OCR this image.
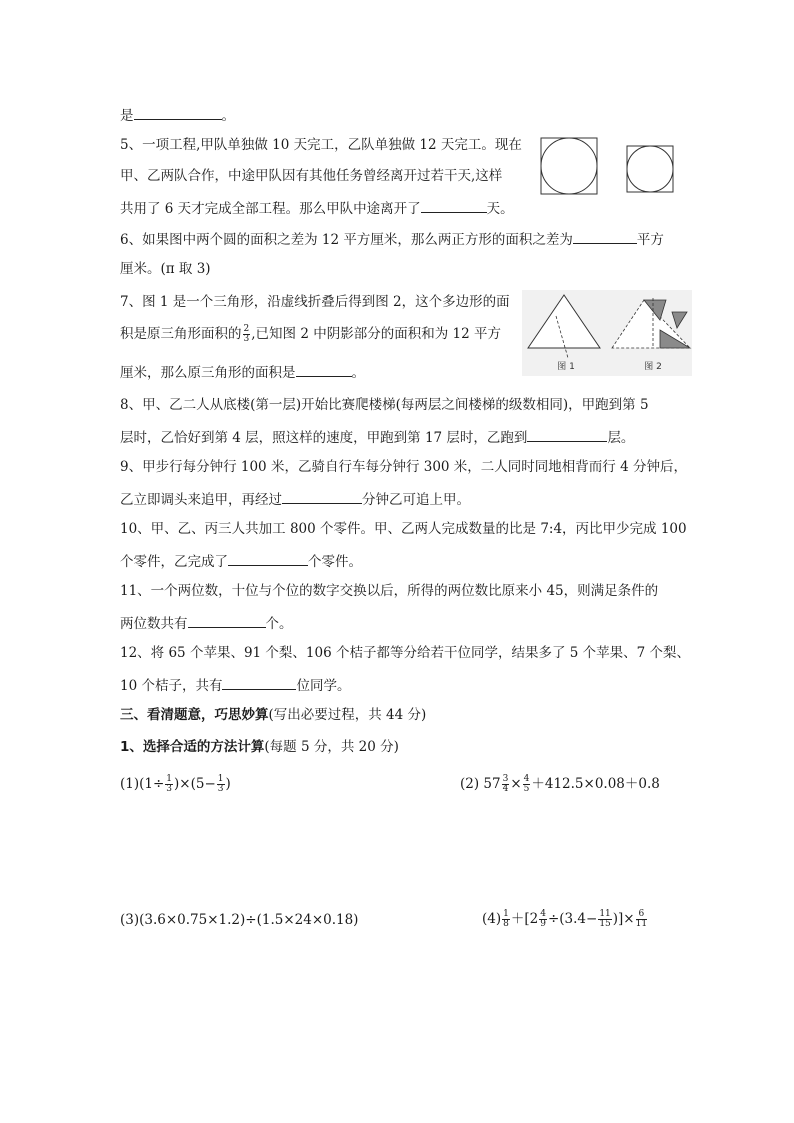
是	。
5、一项工程,甲队单独做 10 天完工，乙队单独做 12 天完工。现在
甲、乙两队合作，中途甲队因有其他任务曾经离开过若干天,这样
共用了 6 天才完成全部工程。那么甲队中途离开了	天。
6、如果图中两个圆的面积之差为 12 平方厘米，那么两正方形的面积之差为	平方
厘米。(π 取 3)
7、图 1 是一个三角形，沿虚线折叠后得到图 2，这个多边形的面
积是原三角形面积的 $\frac{2}{3}$ ,已知图 2 中阴影部分的面积和为 12 平方
厘米，那么原三角形的面积是	。	图 1	图 2
8、甲、乙二人从底楼(第一层)开始比赛爬楼梯(每两层之间楼梯的级数相同)，甲跑到第 5
层时，乙恰好到第 4 层，照这样的速度，甲跑到第 17 层时，乙跑到	层。
9、甲步行每分钟行 100 米，乙骑自行车每分钟行 300 米，二人同时同地相背而行 4 分钟后，
乙立即调头来追甲，再经过	分钟乙可追上甲。
10、甲、乙、丙三人共加工 800 个零件。甲、乙两人完成数量的比是 7:4，丙比甲少完成 100
个零件，乙完成了	个零件。
11、一个两位数，十位与个位的数字交换以后，所得的两位数比原来小 45，则满足条件的
两位数共有	个。
12、将 65 个苹果、91 个梨、106 个桔子都等分给若干位同学，结果多了 5 个苹果、7 个梨、
10 个桔子，共有	位同学。
三、看清题意，巧思妙算(写出必要过程，共 44 分)
1、选择合适的方法计算(每题 5 分，共 20 分)
$(1)(1\div \frac{1}{3} )\times(5- \frac{1}{3}$ )	(2) $57 \frac{3}{4} \times \frac{4}{5} +412.5\times 0.08+0.8$
(3)(3.6×0.75×1.2)÷(1.5×24×0.18)	$(4) \frac{1}{8} +[2 \frac{4}{9} \div(3.4- \frac{11}{15}$ )]× $\frac{6}{11}$
